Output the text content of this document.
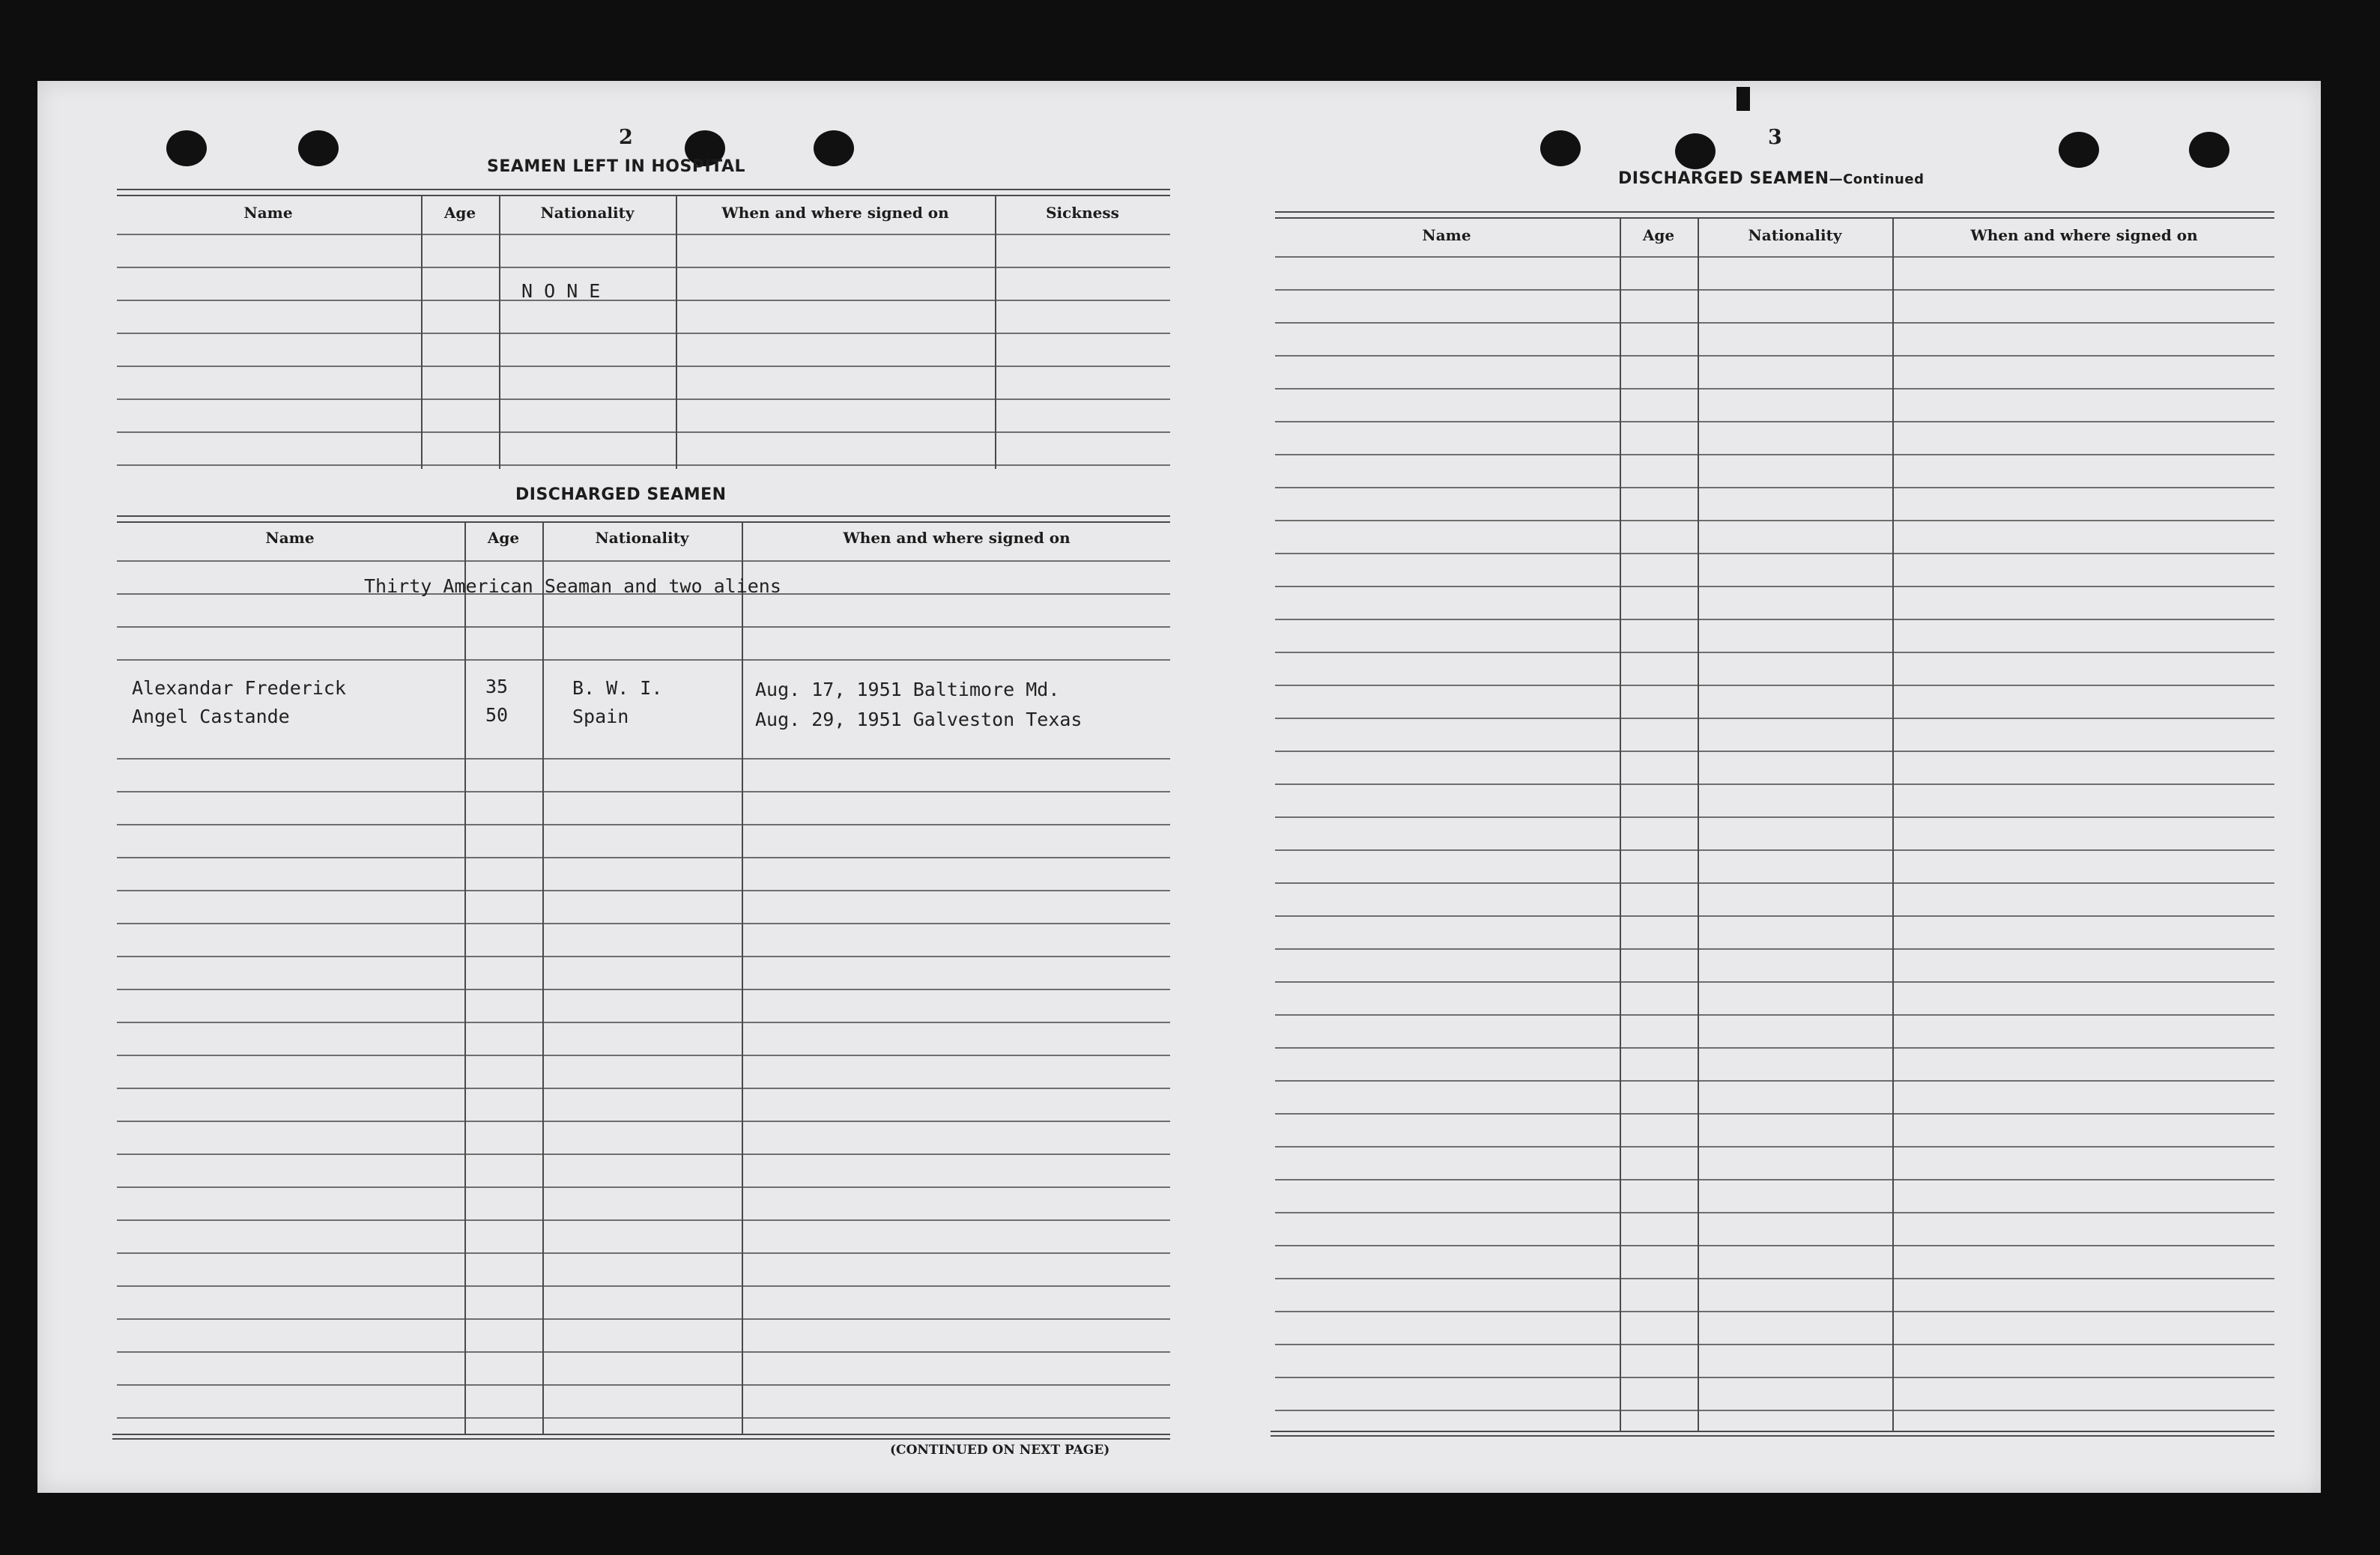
2
SEAMEN LEFT IN HOSPITAL
Name	Age	Nationality	When and where signed on	Sickness
N O N E
DISCHARGED SEAMEN
Name	Age	Nationality	When and where signed on
Thirty American Seaman and two aliens
Alexandar Frederick	35	B. W. I.	Aug. 17, 1951 Baltimore Md.
Angel Castande	50	Spain	Aug. 29, 1951 Galveston Texas
(CONTINUED ON NEXT PAGE)
3
DISCHARGED SEAMEN—Continued
Name	Age	Nationality	When and where signed on
